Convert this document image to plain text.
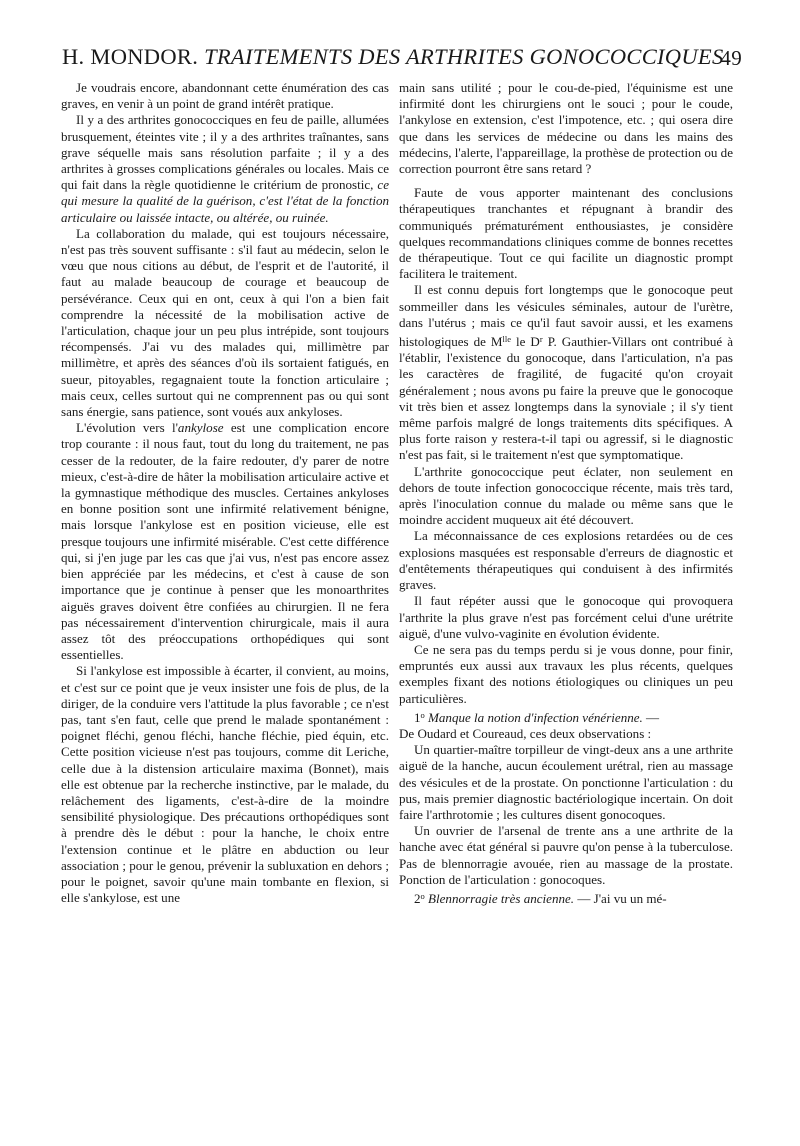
H. MONDOR. TRAITEMENTS DES ARTHRITES GONOCOCCIQUES
49

Je voudrais encore, abandonnant cette énumération des cas graves, en venir à un point de grand intérêt pratique.

Il y a des arthrites gonococciques en feu de paille, allumées brusquement, éteintes vite ; il y a des arthrites traînantes, sans grave séquelle mais sans résolution parfaite ; il y a des arthrites à grosses complications générales ou locales. Mais ce qui fait dans la règle quotidienne le critérium de pronostic, ce qui mesure la qualité de la guérison, c'est l'état de la fonction articulaire ou laissée intacte, ou altérée, ou ruinée.

La collaboration du malade, qui est toujours nécessaire, n'est pas très souvent suffisante : s'il faut au médecin, selon le vœu que nous citions au début, de l'esprit et de l'autorité, il faut au malade beaucoup de courage et beaucoup de persévérance. Ceux qui en ont, ceux à qui l'on a bien fait comprendre la nécessité de la mobilisation active de l'articulation, chaque jour un peu plus intrépide, sont toujours récompensés. J'ai vu des malades qui, millimètre par millimètre, et après des séances d'où ils sortaient fatigués, en sueur, pitoyables, regagnaient toute la fonction articulaire ; mais ceux, celles surtout qui ne comprennent pas ou qui sont sans énergie, sans patience, sont voués aux ankyloses.

L'évolution vers l'ankylose est une complication encore trop courante : il nous faut, tout du long du traitement, ne pas cesser de la redouter, de la faire redouter, d'y parer de notre mieux, c'est-à-dire de hâter la mobilisation articulaire active et la gymnastique méthodique des muscles. Certaines ankyloses en bonne position sont une infirmité relativement bénigne, mais lorsque l'ankylose est en position vicieuse, elle est presque toujours une infirmité misérable. C'est cette différence qui, si j'en juge par les cas que j'ai vus, n'est pas encore assez bien appréciée par les médecins, et c'est à cause de son importance que je continue à penser que les monoarthrites aiguës graves doivent être confiées au chirurgien. Il ne fera pas nécessairement d'intervention chirurgicale, mais il aura assez tôt des préoccupations orthopédiques qui sont essentielles.

Si l'ankylose est impossible à écarter, il convient, au moins, et c'est sur ce point que je veux insister une fois de plus, de la diriger, de la conduire vers l'attitude la plus favorable ; ce n'est pas, tant s'en faut, celle que prend le malade spontanément : poignet fléchi, genou fléchi, hanche fléchie, pied équin, etc. Cette position vicieuse n'est pas toujours, comme dit Leriche, celle due à la distension articulaire maxima (Bonnet), mais elle est obtenue par la recherche instinctive, par le malade, du relâchement des ligaments, c'est-à-dire de la moindre sensibilité physiologique. Des précautions orthopédiques sont à prendre dès le début : pour la hanche, le choix entre l'extension continue et le plâtre en abduction ou leur association ; pour le genou, prévenir la subluxation en dehors ; pour le poignet, savoir qu'une main tombante en flexion, si elle s'ankylose, est une

main sans utilité ; pour le cou-de-pied, l'équinisme est une infirmité dont les chirurgiens ont le souci ; pour le coude, l'ankylose en extension, c'est l'impotence, etc. ; qui osera dire que dans les services de médecine ou dans les mains des médecins, l'alerte, l'appareillage, la prothèse de protection ou de correction pourront être sans retard ?

Faute de vous apporter maintenant des conclusions thérapeutiques tranchantes et répugnant à brandir des communiqués prématurément enthousiastes, je considère quelques recommandations cliniques comme de bonnes recettes de thérapeutique. Tout ce qui facilite un diagnostic prompt facilitera le traitement.

Il est connu depuis fort longtemps que le gonocoque peut sommeiller dans les vésicules séminales, autour de l'urètre, dans l'utérus ; mais ce qu'il faut savoir aussi, et les examens histologiques de $M^{lle}$ le $D^r$ P. Gauthier-Villars ont contribué à l'établir, l'existence du gonocoque, dans l'articulation, n'a pas les caractères de fragilité, de fugacité qu'on croyait généralement ; nous avons pu faire la preuve que le gonocoque vit très bien et assez longtemps dans la synoviale ; il s'y tient même parfois malgré de longs traitements dits spécifiques. A plus forte raison y restera-t-il tapi ou agressif, si le diagnostic n'est pas fait, si le traitement n'est que symptomatique.

L'arthrite gonococcique peut éclater, non seulement en dehors de toute infection gonococcique récente, mais très tard, après l'inoculation connue du malade ou même sans que le moindre accident muqueux ait été découvert.

La méconnaissance de ces explosions retardées ou de ces explosions masquées est responsable d'erreurs de diagnostic et d'entêtements thérapeutiques qui conduisent à des infirmités graves.

Il faut répéter aussi que le gonocoque qui provoquera l'arthrite la plus grave n'est pas forcément celui d'une urétrite aiguë, d'une vulvo-vaginite en évolution évidente.

Ce ne sera pas du temps perdu si je vous donne, pour finir, empruntés eux aussi aux travaux les plus récents, quelques exemples fixant des notions étiologiques ou cliniques un peu particulières.

1$^o$ Manque la notion d'infection vénérienne. —

De Oudard et Coureaud, ces deux observations :

Un quartier-maître torpilleur de vingt-deux ans a une arthrite aiguë de la hanche, aucun écoulement urétral, rien au massage des vésicules et de la prostate. On ponctionne l'articulation : du pus, mais premier diagnostic bactériologique incertain. On doit faire l'arthrotomie ; les cultures disent gonocoques.

Un ouvrier de l'arsenal de trente ans a une arthrite de la hanche avec état général si pauvre qu'on pense à la tuberculose. Pas de blennorragie avouée, rien au massage de la prostate. Ponction de l'articulation : gonocoques.

2$^o$ Blennorragie très ancienne. — J'ai vu un mé-
